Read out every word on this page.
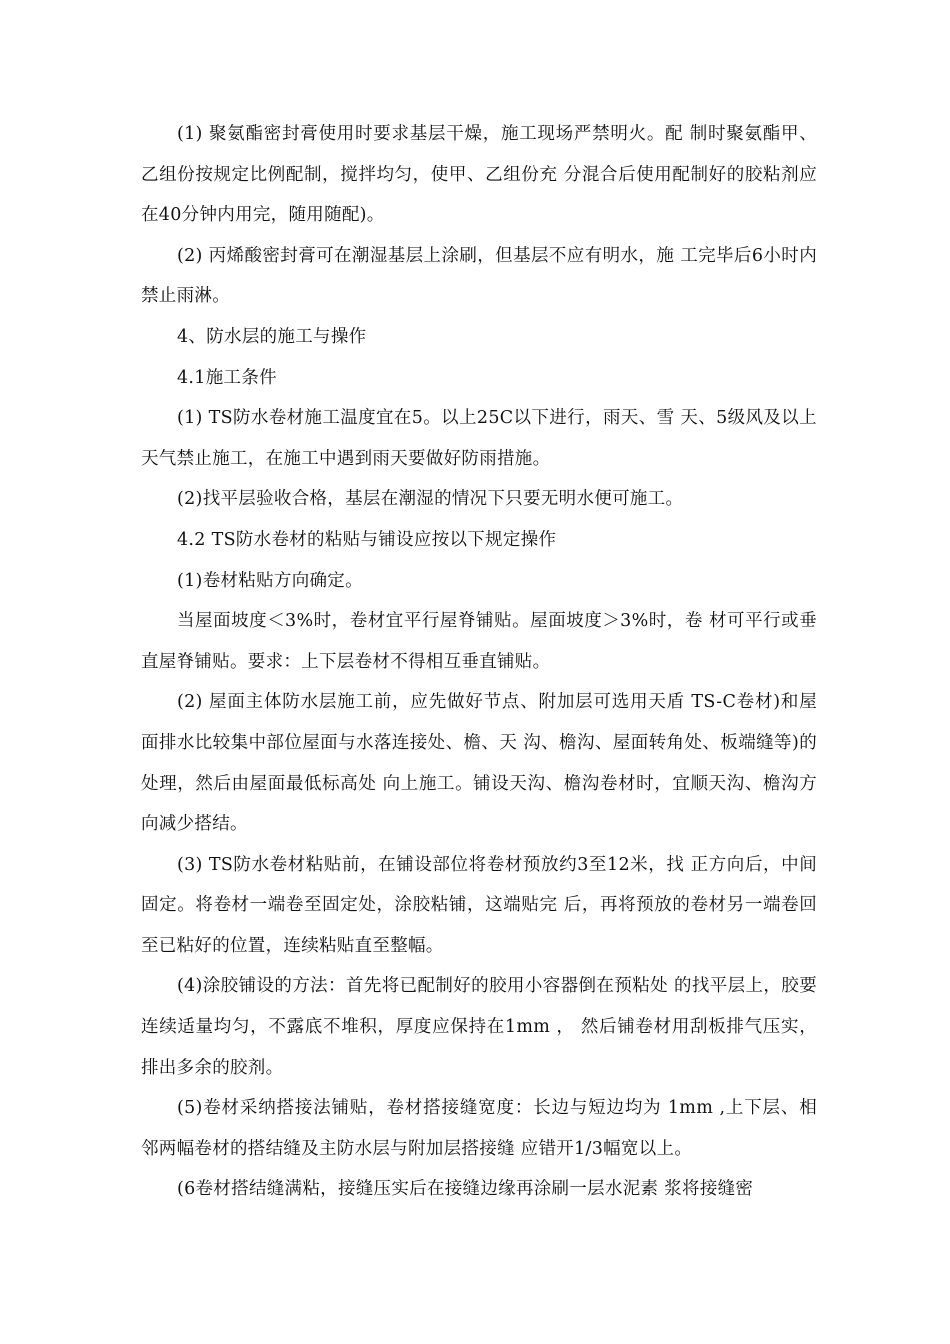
(1) 聚氨酯密封膏使用时要求基层干燥，施工现场严禁明火。配 制时聚氨酯甲、乙组份按规定比例配制，搅拌均匀，使甲、乙组份充 分混合后使用配制好的胶粘剂应在40分钟内用完，随用随配)。

(2) 丙烯酸密封膏可在潮湿基层上涂刷，但基层不应有明水，施 工完毕后6小时内禁止雨淋。

4、防水层的施工与操作

4.1施工条件

(1) TS防水卷材施工温度宜在5。以上25C以下进行，雨天、雪 天、5级风及以上天气禁止施工，在施工中遇到雨天要做好防雨措施。

(2)找平层验收合格，基层在潮湿的情况下只要无明水便可施工。

4.2 TS防水卷材的粘贴与铺设应按以下规定操作

(1)卷材粘贴方向确定。

当屋面坡度＜3%时，卷材宜平行屋脊铺贴。屋面坡度＞3%时，卷 材可平行或垂直屋脊铺贴。要求：上下层卷材不得相互垂直铺贴。

(2) 屋面主体防水层施工前，应先做好节点、附加层可选用天盾 TS-C卷材)和屋面排水比较集中部位屋面与水落连接处、檐、天 沟、檐沟、屋面转角处、板端缝等)的处理，然后由屋面最低标高处 向上施工。铺设天沟、檐沟卷材时，宜顺天沟、檐沟方向减少搭结。

(3) TS防水卷材粘贴前，在铺设部位将卷材预放约3至12米，找 正方向后，中间固定。将卷材一端卷至固定处，涂胶粘铺，这端贴完 后，再将预放的卷材另一端卷回至已粘好的位置，连续粘贴直至整幅。

(4)涂胶铺设的方法：首先将已配制好的胶用小容器倒在预粘处 的找平层上，胶要连续适量均匀，不露底不堆积，厚度应保持在1mm ， 然后铺卷材用刮板排气压实，排出多余的胶剂。

(5)卷材采纳搭接法铺贴，卷材搭接缝宽度：长边与短边均为 1mm ,上下层、相邻两幅卷材的搭结缝及主防水层与附加层搭接缝 应错开1/3幅宽以上。

(6卷材搭结缝满粘，接缝压实后在接缝边缘再涂刷一层水泥素 浆将接缝密
